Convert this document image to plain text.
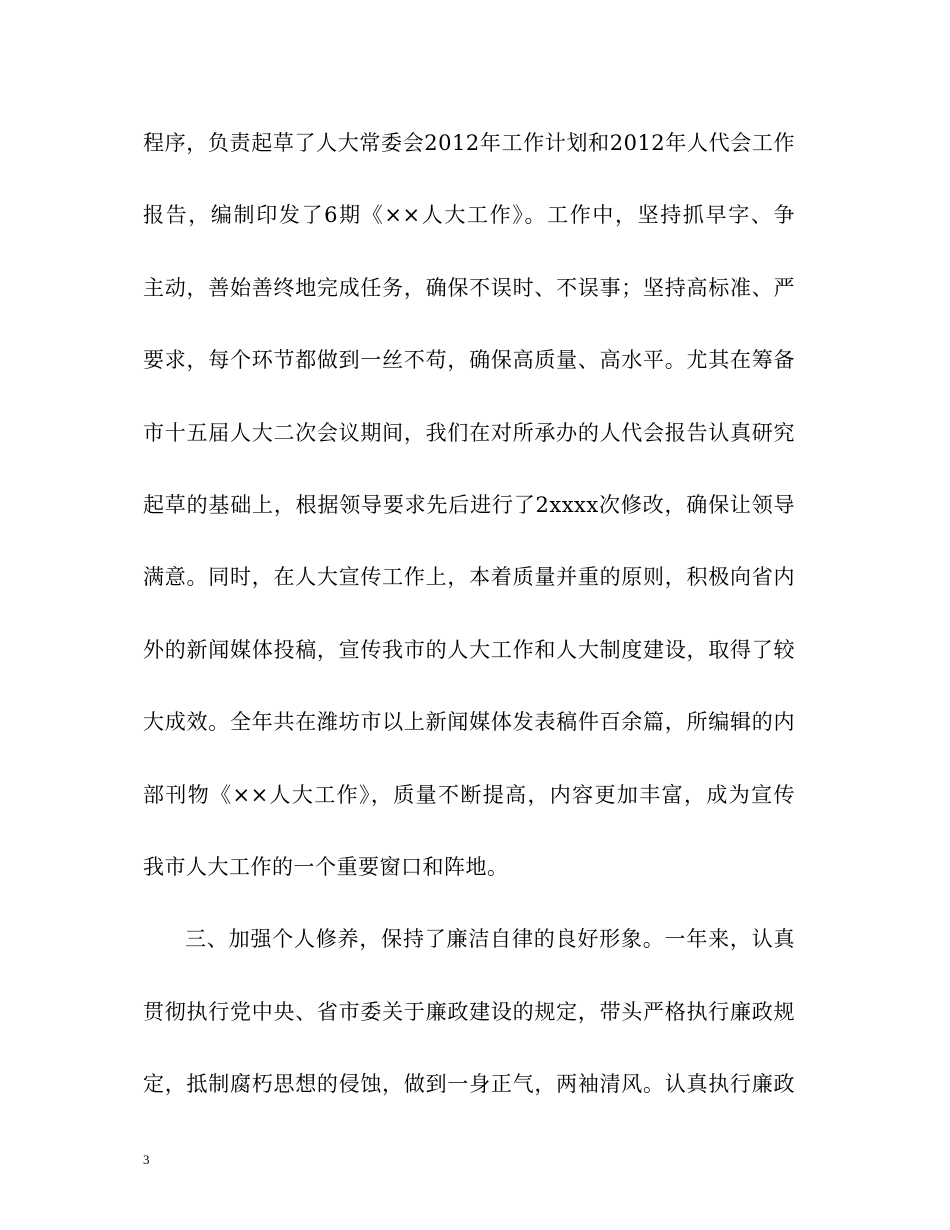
程序，负责起草了人大常委会2012年工作计划和2012年人代会工作
报告，编制印发了6期《××人大工作》。工作中，坚持抓早字、争
主动，善始善终地完成任务，确保不误时、不误事；坚持高标准、严
要求，每个环节都做到一丝不苟，确保高质量、高水平。尤其在筹备
市十五届人大二次会议期间，我们在对所承办的人代会报告认真研究
起草的基础上，根据领导要求先后进行了2xxxx次修改，确保让领导
满意。同时，在人大宣传工作上，本着质量并重的原则，积极向省内
外的新闻媒体投稿，宣传我市的人大工作和人大制度建设，取得了较
大成效。全年共在潍坊市以上新闻媒体发表稿件百余篇，所编辑的内
部刊物《××人大工作》，质量不断提高，内容更加丰富，成为宣传
我市人大工作的一个重要窗口和阵地。
三、加强个人修养，保持了廉洁自律的良好形象。一年来，认真
贯彻执行党中央、省市委关于廉政建设的规定，带头严格执行廉政规
定，抵制腐朽思想的侵蚀，做到一身正气，两袖清风。认真执行廉政
3
